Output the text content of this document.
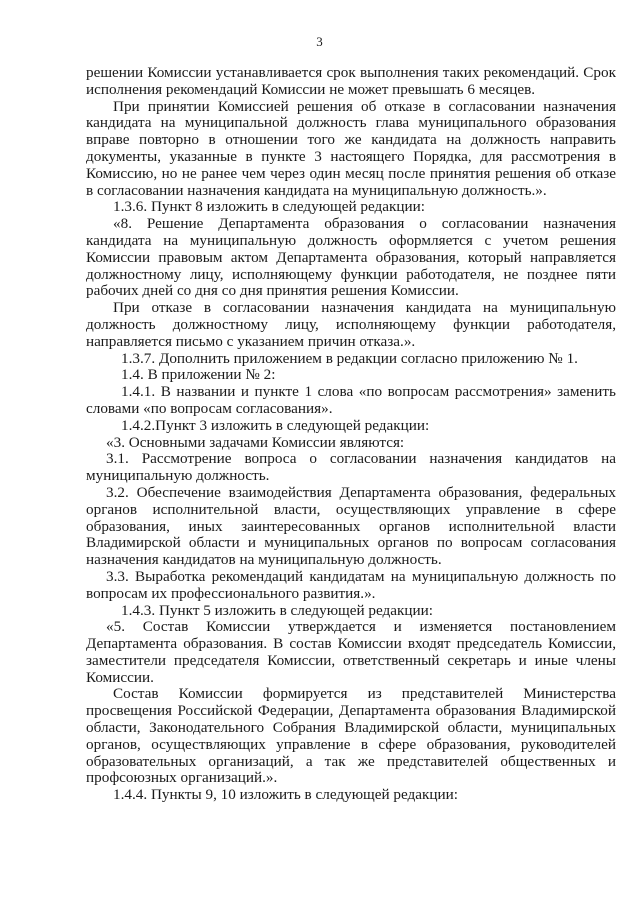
3

решении Комиссии устанавливается срок выполнения таких рекомендаций. Срок исполнения рекомендаций Комиссии не может превышать 6 месяцев.

При принятии Комиссией решения об отказе в согласовании назначения кандидата на муниципальной должность глава муниципального образования вправе повторно в отношении того же кандидата на должность направить документы, указанные в пункте 3 настоящего Порядка, для рассмотрения в Комиссию, но не ранее чем через один месяц после принятия решения об отказе в согласовании назначения кандидата на муниципальную должность.».

1.3.6. Пункт 8 изложить в следующей редакции:

«8. Решение Департамента образования о согласовании назначения кандидата на муниципальную должность оформляется с учетом решения Комиссии правовым актом Департамента образования, который направляется должностному лицу, исполняющему функции работодателя, не позднее пяти рабочих дней со дня со дня принятия решения Комиссии.

При отказе в согласовании назначения кандидата на муниципальную должность должностному лицу, исполняющему функции работодателя, направляется письмо с указанием причин отказа.».

1.3.7. Дополнить приложением в редакции согласно приложению № 1.

1.4. В приложении № 2:

1.4.1. В названии и пункте 1 слова «по вопросам рассмотрения» заменить словами «по вопросам согласования».

1.4.2.Пункт 3 изложить в следующей редакции:

«3. Основными задачами Комиссии являются:

3.1. Рассмотрение вопроса о согласовании назначения кандидатов на муниципальную должность.

3.2. Обеспечение взаимодействия Департамента образования, федеральных органов исполнительной власти, осуществляющих управление в сфере образования, иных заинтересованных органов исполнительной власти Владимирской области и муниципальных органов по вопросам согласования назначения кандидатов на муниципальную должность.

3.3. Выработка рекомендаций кандидатам на муниципальную должность по вопросам их профессионального развития.».

1.4.3. Пункт 5 изложить в следующей редакции:

«5. Состав Комиссии утверждается и изменяется постановлением Департамента образования. В состав Комиссии входят председатель Комиссии, заместители председателя Комиссии, ответственный секретарь и иные члены Комиссии.

Состав Комиссии формируется из представителей Министерства просвещения Российской Федерации, Департамента образования Владимирской области, Законодательного Собрания Владимирской области, муниципальных органов, осуществляющих управление в сфере образования, руководителей образовательных организаций, а так же представителей общественных и профсоюзных организаций.».

1.4.4. Пункты 9, 10 изложить в следующей редакции:
